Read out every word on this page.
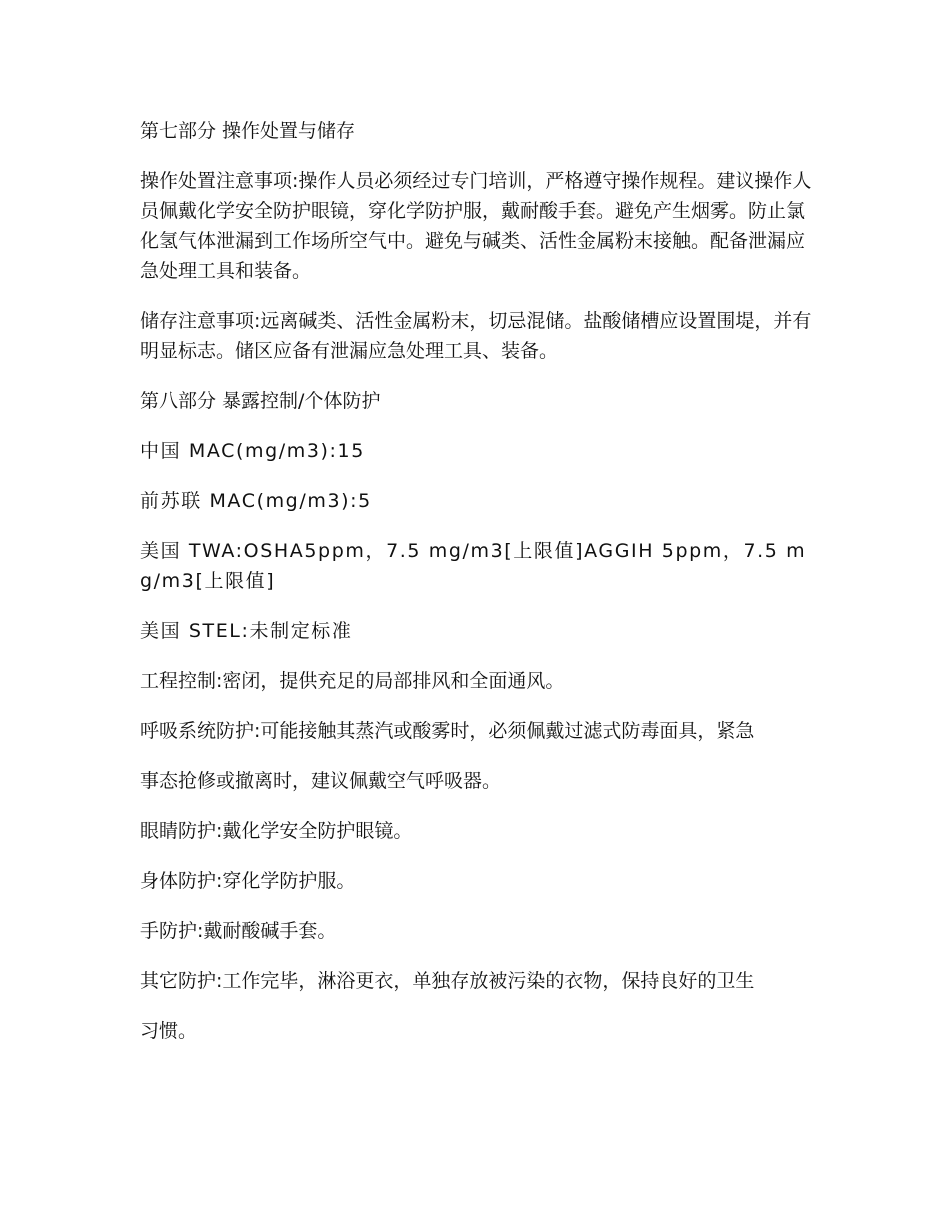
第七部分 操作处置与储存

操作处置注意事项:操作人员必须经过专门培训，严格遵守操作规程。建议操作人员佩戴化学安全防护眼镜，穿化学防护服，戴耐酸手套。避免产生烟雾。防止氯化氢气体泄漏到工作场所空气中。避免与碱类、活性金属粉末接触。配备泄漏应急处理工具和装备。

储存注意事项:远离碱类、活性金属粉末，切忌混储。盐酸储槽应设置围堤，并有明显标志。储区应备有泄漏应急处理工具、装备。

第八部分 暴露控制/个体防护

中国 MAC(mg/m3):15

前苏联 MAC(mg/m3):5

美国 TWA:OSHA5ppm，7.5 mg/m3[上限值]AGGIH 5ppm，7.5 mg/m3[上限值]

美国 STEL:未制定标准

工程控制:密闭，提供充足的局部排风和全面通风。

呼吸系统防护:可能接触其蒸汽或酸雾时，必须佩戴过滤式防毒面具，紧急

事态抢修或撤离时，建议佩戴空气呼吸器。

眼睛防护:戴化学安全防护眼镜。

身体防护:穿化学防护服。

手防护:戴耐酸碱手套。

其它防护:工作完毕，淋浴更衣，单独存放被污染的衣物，保持良好的卫生

习惯。
